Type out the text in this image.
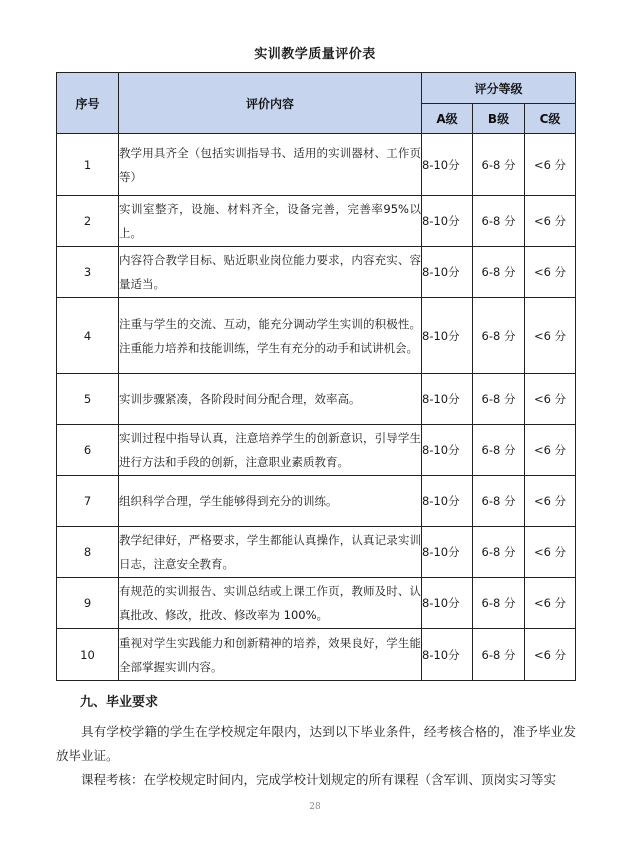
实训教学质量评价表
序号	评价内容	评分等级		
		A级	B级	C级
1	教学用具齐全（包括实训指导书、适用的实训器材、工作页等）	8-10分	6-8 分	<6 分
2	实训室整齐，设施、材料齐全，设备完善，完善率95%以上。	8-10分	6-8 分	<6 分
3	内容符合教学目标、贴近职业岗位能力要求，内容充实、容量适当。	8-10分	6-8 分	<6 分
4	注重与学生的交流、互动，能充分调动学生实训的积极性。注重能力培养和技能训练，学生有充分的动手和试讲机会。	8-10分	6-8 分	<6 分
5	实训步骤紧凑，各阶段时间分配合理，效率高。	8-10分	6-8 分	<6 分
6	实训过程中指导认真，注意培养学生的创新意识，引导学生进行方法和手段的创新，注意职业素质教育。	8-10分	6-8 分	<6 分
7	组织科学合理，学生能够得到充分的训练。	8-10分	6-8 分	<6 分
8	教学纪律好，严格要求，学生都能认真操作，认真记录实训日志，注意安全教育。	8-10分	6-8 分	<6 分
9	有规范的实训报告、实训总结或上课工作页，教师及时、认真批改、修改，批改、修改率为 100%。	8-10分	6-8 分	<6 分
10	重视对学生实践能力和创新精神的培养，效果良好，学生能全部掌握实训内容。	8-10分	6-8 分	<6 分
九、毕业要求
具有学校学籍的学生在学校规定年限内，达到以下毕业条件，经考核合格的，准予毕业发放毕业证。
课程考核：在学校规定时间内，完成学校计划规定的所有课程（含军训、顶岗实习等实
28
